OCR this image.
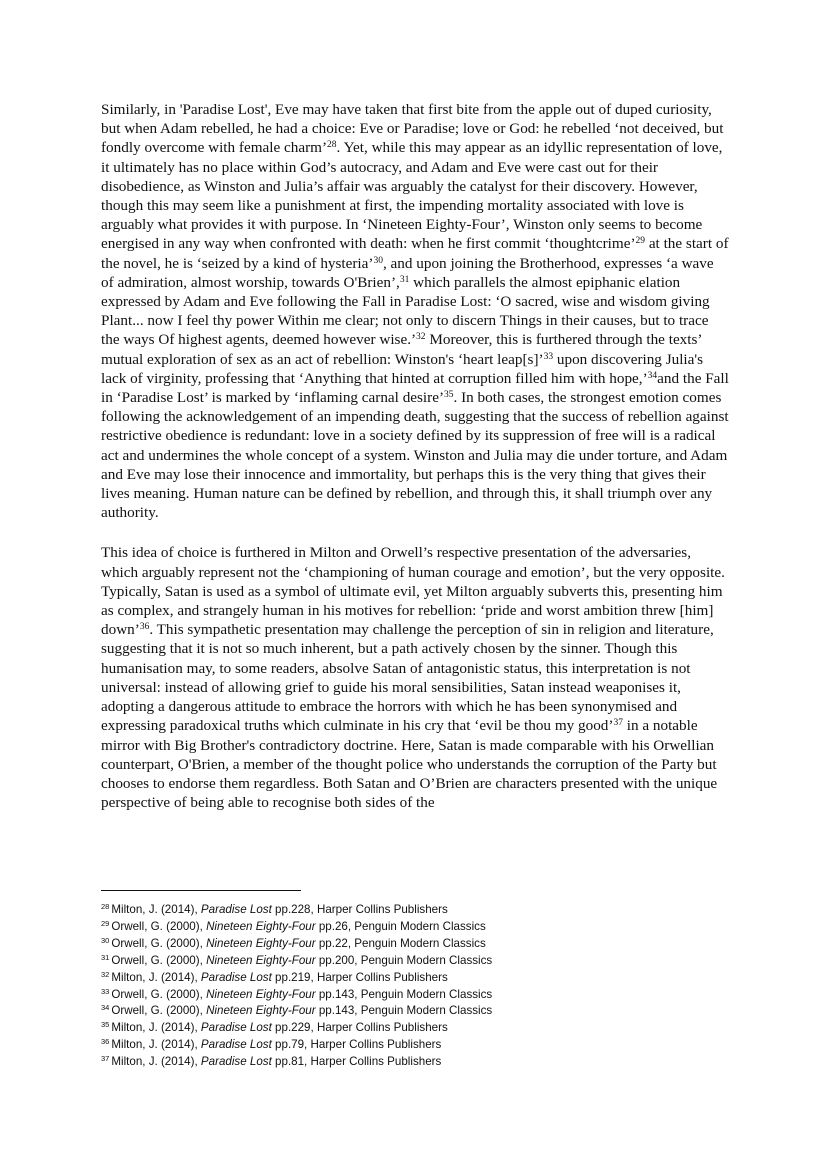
Similarly, in 'Paradise Lost', Eve may have taken that first bite from the apple out of duped curiosity, but when Adam rebelled, he had a choice: Eve or Paradise; love or God: he rebelled ‘not deceived, but fondly overcome with female charm’$^{28}$. Yet, while this may appear as an idyllic representation of love, it ultimately has no place within God’s autocracy, and Adam and Eve were cast out for their disobedience, as Winston and Julia’s affair was arguably the catalyst for their discovery. However, though this may seem like a punishment at first, the impending mortality associated with love is arguably what provides it with purpose. In ‘Nineteen Eighty-Four’, Winston only seems to become energised in any way when confronted with death: when he first commit ‘thoughtcrime’$^{29}$ at the start of the novel, he is ‘seized by a kind of hysteria’$^{30}$, and upon joining the Brotherhood, expresses ‘a wave of admiration, almost worship, towards O'Brien’,$^{31}$ which parallels the almost epiphanic elation expressed by Adam and Eve following the Fall in Paradise Lost: ‘O sacred, wise and wisdom giving Plant... now I feel thy power Within me clear; not only to discern Things in their causes, but to trace the ways Of highest agents, deemed however wise.’$^{32}$ Moreover, this is furthered through the texts’ mutual exploration of sex as an act of rebellion: Winston's ‘heart leap[s]’$^{33}$ upon discovering Julia's lack of virginity, professing that ‘Anything that hinted at corruption filled him with hope,’$^{34}$and the Fall in ‘Paradise Lost’ is marked by ‘inflaming carnal desire’$^{35}$. In both cases, the strongest emotion comes following the acknowledgement of an impending death, suggesting that the success of rebellion against restrictive obedience is redundant: love in a society defined by its suppression of free will is a radical act and undermines the whole concept of a system. Winston and Julia may die under torture, and Adam and Eve may lose their innocence and immortality, but perhaps this is the very thing that gives their lives meaning. Human nature can be defined by rebellion, and through this, it shall triumph over any authority.

This idea of choice is furthered in Milton and Orwell’s respective presentation of the adversaries, which arguably represent not the ‘championing of human courage and emotion’, but the very opposite. Typically, Satan is used as a symbol of ultimate evil, yet Milton arguably subverts this, presenting him as complex, and strangely human in his motives for rebellion: ‘pride and worst ambition threw [him] down’$^{36}$. This sympathetic presentation may challenge the perception of sin in religion and literature, suggesting that it is not so much inherent, but a path actively chosen by the sinner. Though this humanisation may, to some readers, absolve Satan of antagonistic status, this interpretation is not universal: instead of allowing grief to guide his moral sensibilities, Satan instead weaponises it, adopting a dangerous attitude to embrace the horrors with which he has been synonymised and expressing paradoxical truths which culminate in his cry that ‘evil be thou my good’$^{37}$ in a notable mirror with Big Brother's contradictory doctrine. Here, Satan is made comparable with his Orwellian counterpart, O'Brien, a member of the thought police who understands the corruption of the Party but chooses to endorse them regardless. Both Satan and O’Brien are characters presented with the unique perspective of being able to recognise both sides of the

$^{28}$ Milton, J. (2014), Paradise Lost pp.228, Harper Collins Publishers
$^{29}$ Orwell, G. (2000), Nineteen Eighty-Four pp.26, Penguin Modern Classics
$^{30}$ Orwell, G. (2000), Nineteen Eighty-Four pp.22, Penguin Modern Classics
$^{31}$ Orwell, G. (2000), Nineteen Eighty-Four pp.200, Penguin Modern Classics
$^{32}$ Milton, J. (2014), Paradise Lost pp.219, Harper Collins Publishers
$^{33}$ Orwell, G. (2000), Nineteen Eighty-Four pp.143, Penguin Modern Classics
$^{34}$ Orwell, G. (2000), Nineteen Eighty-Four pp.143, Penguin Modern Classics
$^{35}$ Milton, J. (2014), Paradise Lost pp.229, Harper Collins Publishers
$^{36}$ Milton, J. (2014), Paradise Lost pp.79, Harper Collins Publishers
$^{37}$ Milton, J. (2014), Paradise Lost pp.81, Harper Collins Publishers
